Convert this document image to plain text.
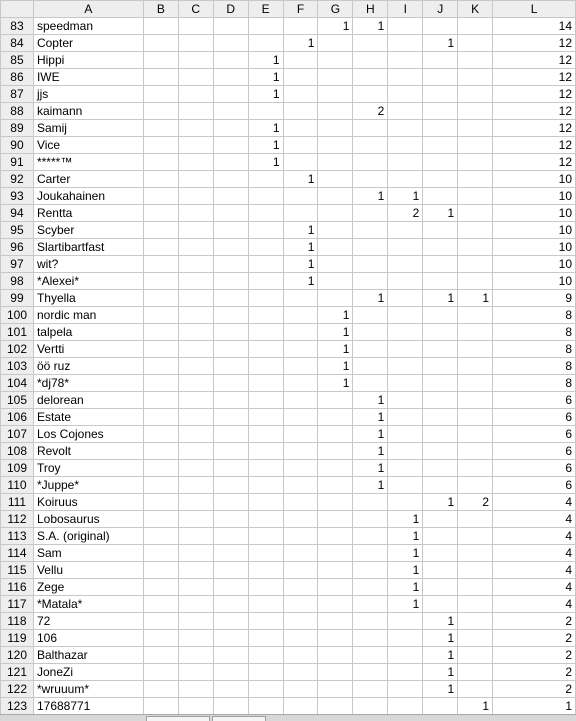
	A	B	C	D	E	F	G	H	I	J	K	L
83	speedman						1	1				14
84	Copter					1				1		12
85	Hippi				1							12
86	IWE				1							12
87	jjs				1							12
88	kaimann							2				12
89	Samij				1							12
90	Vice				1							12
91	*****™				1							12
92	Carter					1						10
93	Joukahainen							1	1			10
94	Rentta								2	1		10
95	Scyber					1						10
96	Slartibartfast					1						10
97	wit?					1						10
98	*Alexei*					1						10
99	Thyella							1		1	1	9
100	nordic man						1					8
101	talpela						1					8
102	Vertti						1					8
103	öö ruz						1					8
104	*dj78*						1					8
105	delorean							1				6
106	Estate							1				6
107	Los Cojones							1				6
108	Revolt							1				6
109	Troy							1				6
110	*Juppe*							1				6
111	Koiruus									1	2	4
112	Lobosaurus								1			4
113	S.A. (original)								1			4
114	Sam								1			4
115	Vellu								1			4
116	Zege								1			4
117	*Matala*								1			4
118	72									1		2
119	106									1		2
120	Balthazar									1		2
121	JoneZi									1		2
122	*wruuum*									1		2
123	17688771										1	1
